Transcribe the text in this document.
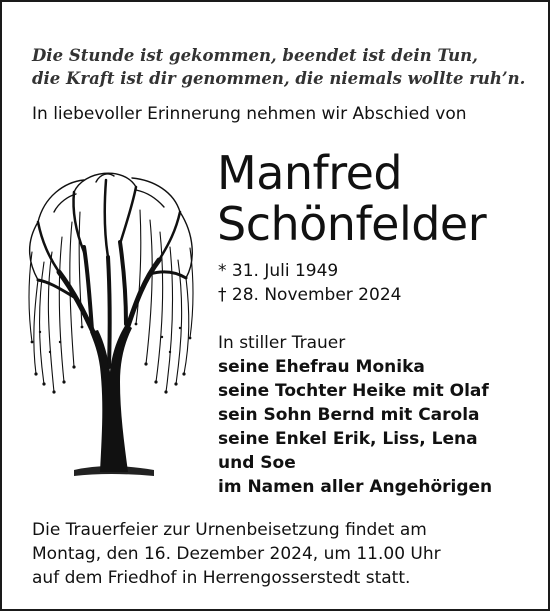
Die Stunde ist gekommen, beendet ist dein Tun,
die Kraft ist dir genommen, die niemals wollte ruh’n.
In liebevoller Erinnerung nehmen wir Abschied von
Manfred
Schönfelder
* 31. Juli 1949
† 28. November 2024
In stiller Trauer
seine Ehefrau Monika
seine Tochter Heike mit Olaf
sein Sohn Bernd mit Carola
seine Enkel Erik, Liss, Lena
und Soe
im Namen aller Angehörigen
Die Trauerfeier zur Urnenbeisetzung findet am
Montag, den 16. Dezember 2024, um 11.00 Uhr
auf dem Friedhof in Herrengosserstedt statt.
